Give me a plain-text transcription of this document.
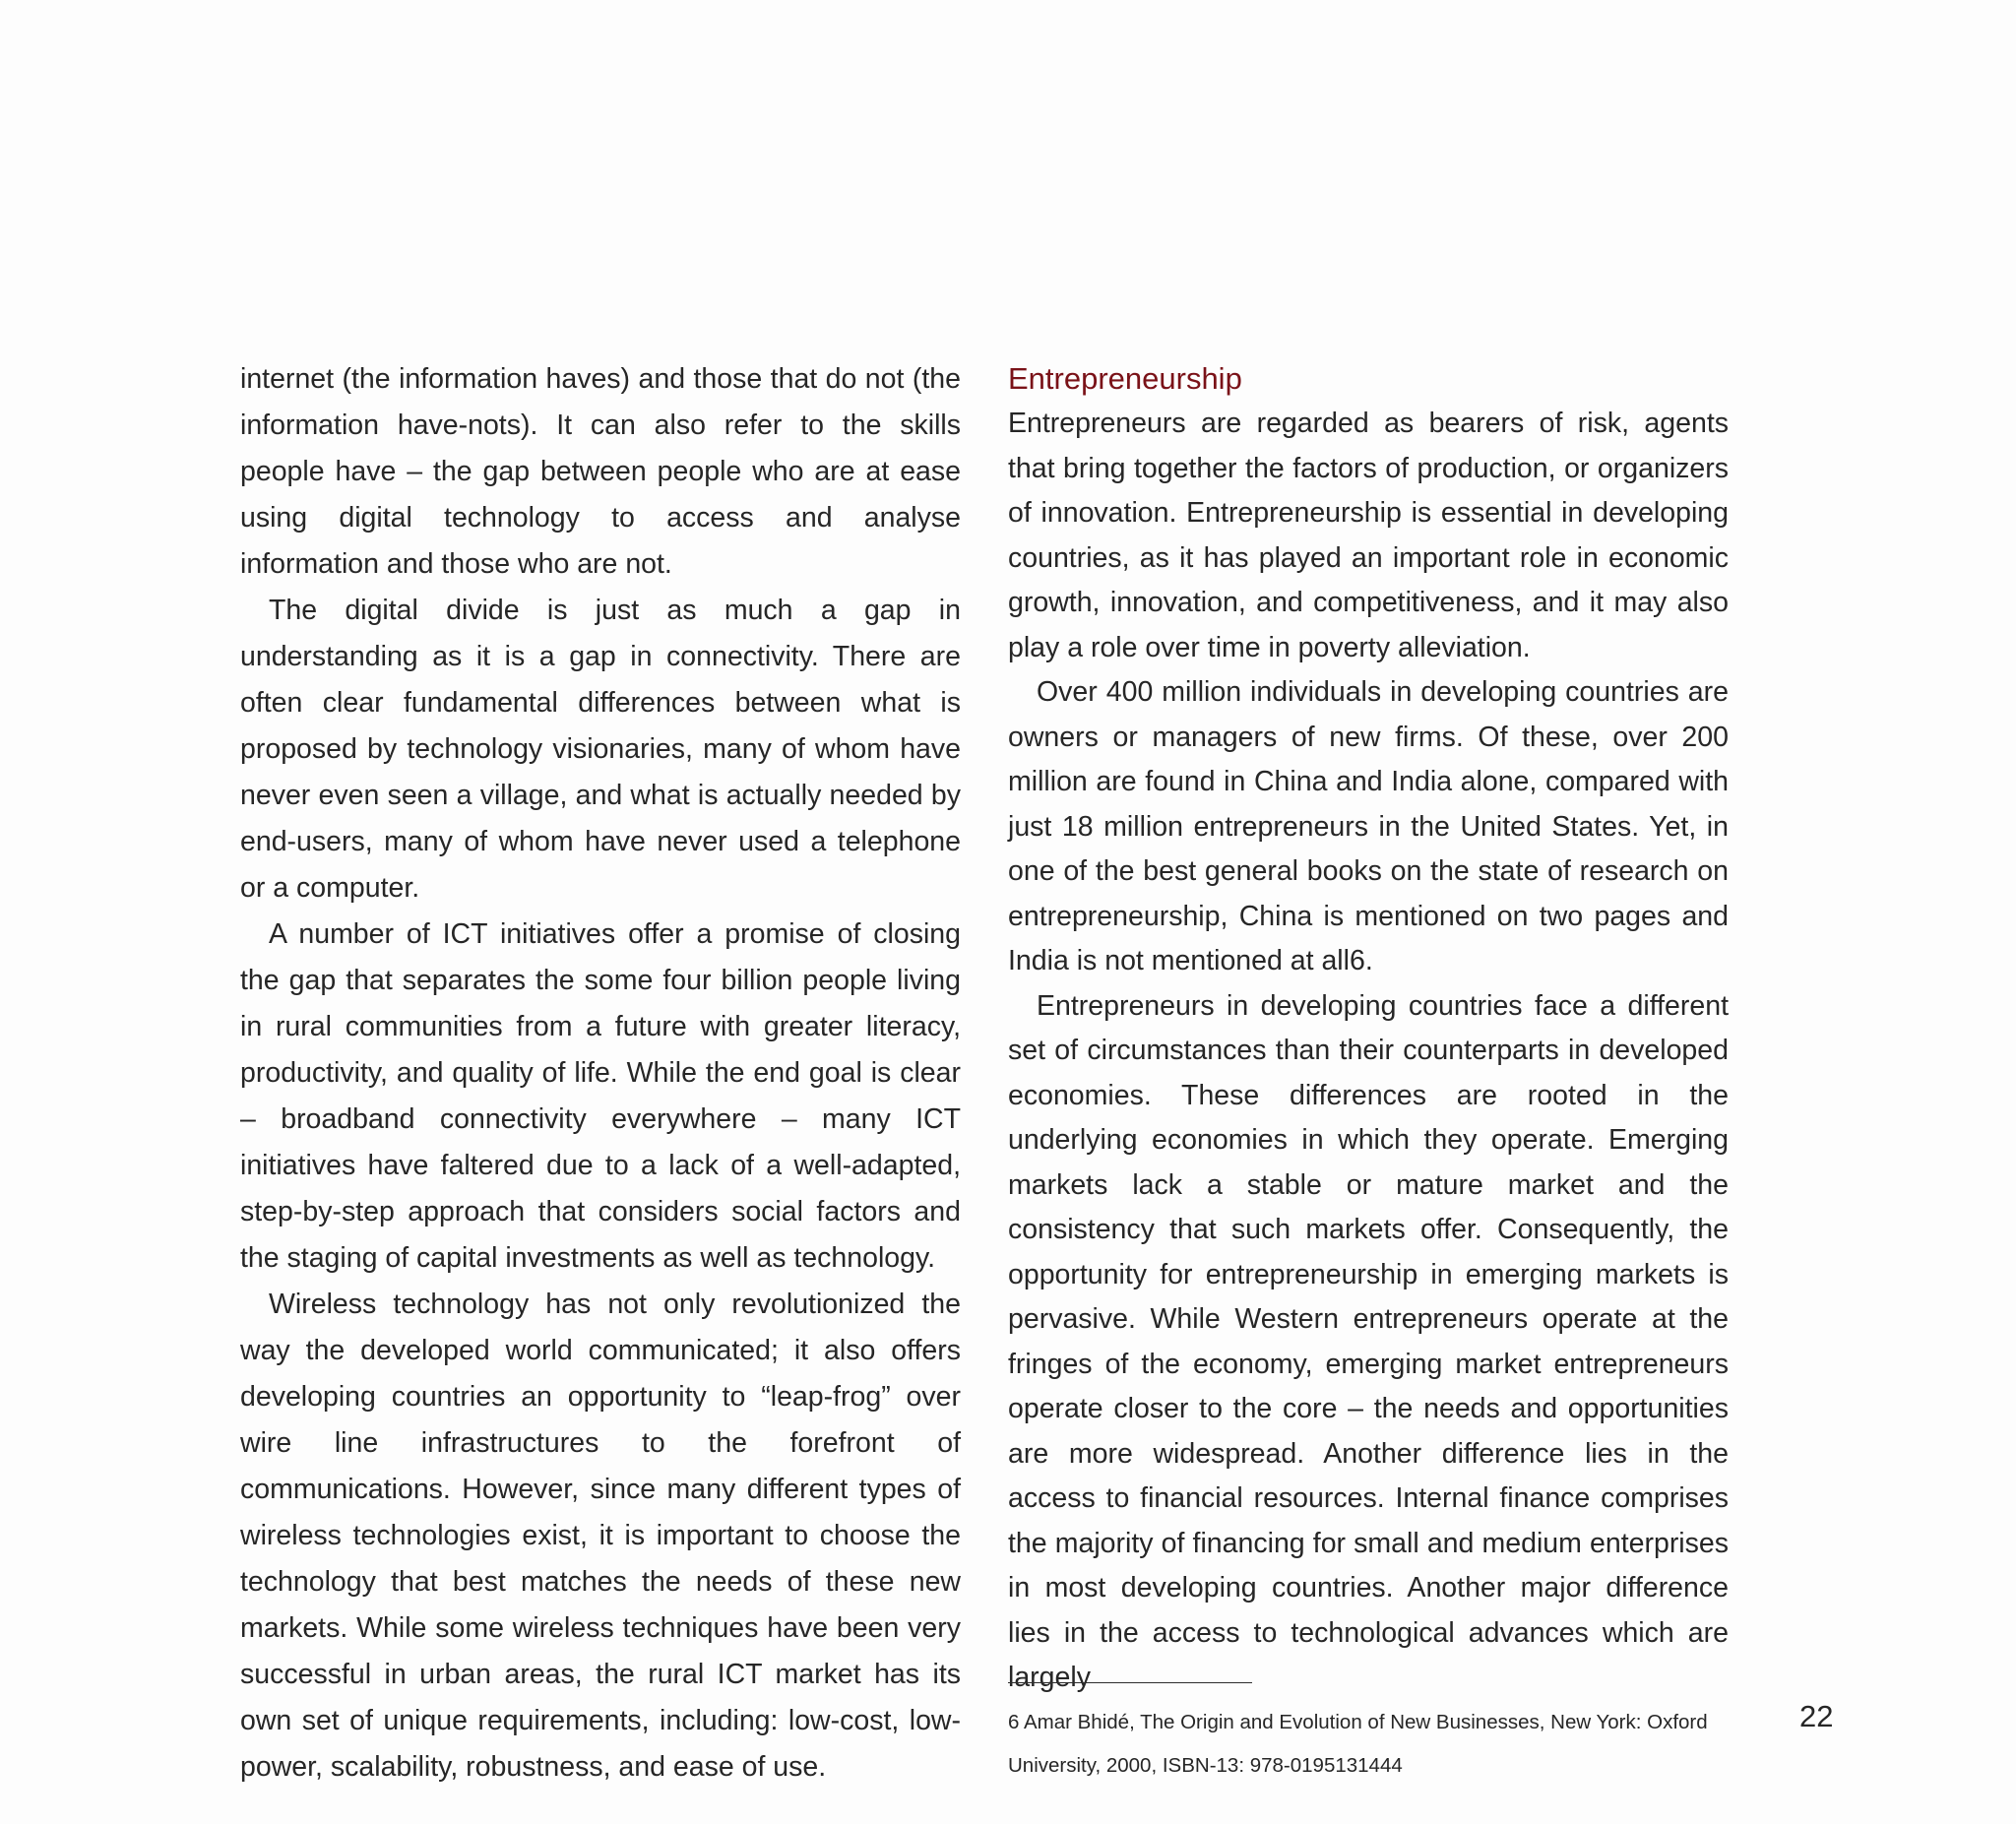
internet (the information haves) and those that do not (the information have-nots). It can also refer to the skills people have – the gap between people who are at ease using digital technology to access and analyse information and those who are not.

The digital divide is just as much a gap in understanding as it is a gap in connectivity. There are often clear fundamental differences between what is proposed by technology visionaries, many of whom have never even seen a village, and what is actually needed by end-users, many of whom have never used a telephone or a computer.

A number of ICT initiatives offer a promise of closing the gap that separates the some four billion people living in rural communities from a future with greater literacy, productivity, and quality of life. While the end goal is clear – broadband connectivity everywhere – many ICT initiatives have faltered due to a lack of a well-adapted, step-by-step approach that considers social factors and the staging of capital investments as well as technology.

Wireless technology has not only revolutionized the way the developed world communicated; it also offers developing countries an opportunity to “leap-frog” over wire line infrastructures to the forefront of communications. However, since many different types of wireless technologies exist, it is important to choose the technology that best matches the needs of these new markets. While some wireless techniques have been very successful in urban areas, the rural ICT market has its own set of unique requirements, including: low-cost, low-power, scalability, robustness, and ease of use.

Entrepreneurship

Entrepreneurs are regarded as bearers of risk, agents that bring together the factors of production, or organizers of innovation. Entrepreneurship is essential in developing countries, as it has played an important role in economic growth, innovation, and competitiveness, and it may also play a role over time in poverty alleviation.

Over 400 million individuals in developing countries are owners or managers of new firms. Of these, over 200 million are found in China and India alone, compared with just 18 million entrepreneurs in the United States. Yet, in one of the best general books on the state of research on entrepreneurship, China is mentioned on two pages and India is not mentioned at all6.

Entrepreneurs in developing countries face a different set of circumstances than their counterparts in developed economies. These differences are rooted in the underlying economies in which they operate. Emerging markets lack a stable or mature market and the consistency that such markets offer. Consequently, the opportunity for entrepreneurship in emerging markets is pervasive. While Western entrepreneurs operate at the fringes of the economy, emerging market entrepreneurs operate closer to the core – the needs and opportunities are more widespread. Another difference lies in the access to financial resources. Internal finance comprises the majority of financing for small and medium enterprises in most developing countries. Another major difference lies in the access to technological advances which are largely

6 Amar Bhidé, The Origin and Evolution of New Businesses, New York: Oxford University, 2000, ISBN-13: 978-0195131444

22
